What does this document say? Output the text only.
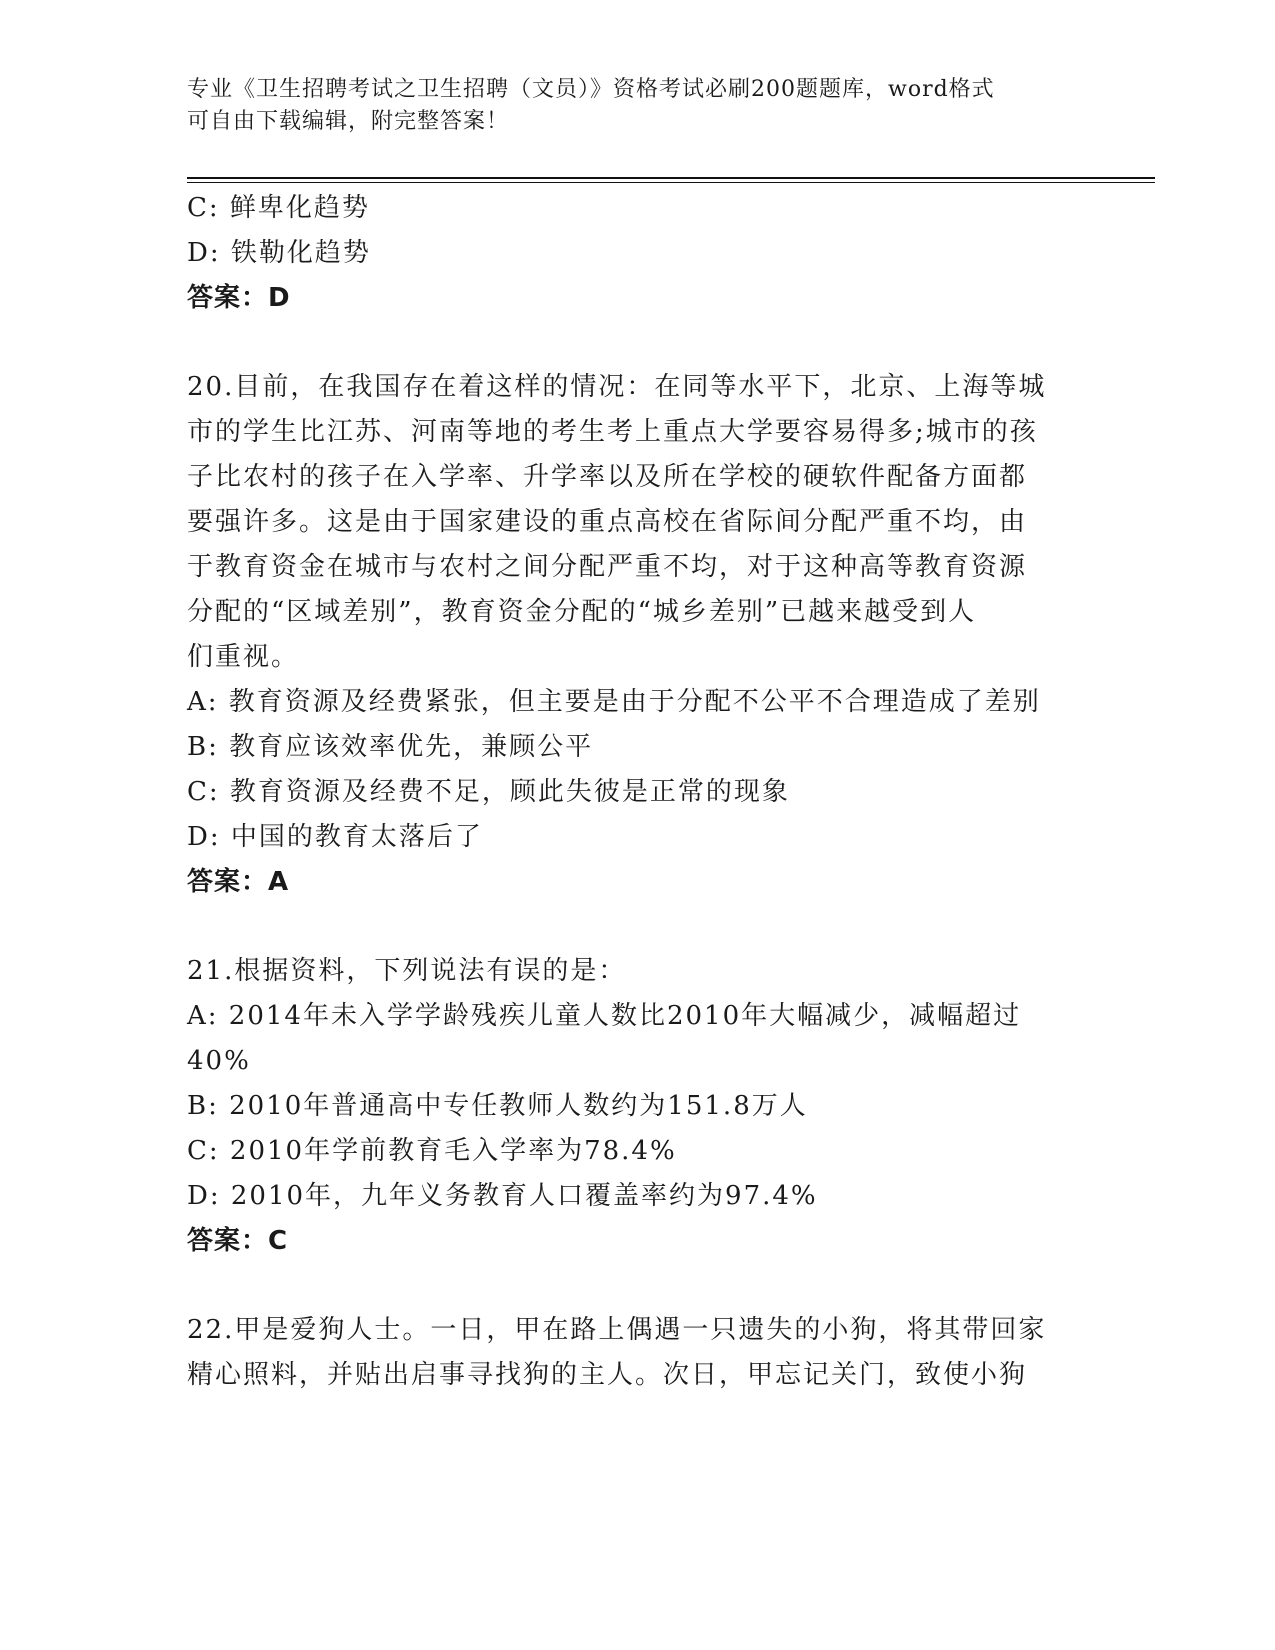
专业《卫生招聘考试之卫生招聘（文员）》资格考试必刷200题题库，word格式
可自由下载编辑，附完整答案！
C: 鲜卑化趋势
D: 铁勒化趋势
答案：D
20.目前，在我国存在着这样的情况：在同等水平下，北京、上海等城
市的学生比江苏、河南等地的考生考上重点大学要容易得多;城市的孩
子比农村的孩子在入学率、升学率以及所在学校的硬软件配备方面都
要强许多。这是由于国家建设的重点高校在省际间分配严重不均，由
于教育资金在城市与农村之间分配严重不均，对于这种高等教育资源
分配的“区域差别”，教育资金分配的“城乡差别”已越来越受到人
们重视。
A: 教育资源及经费紧张，但主要是由于分配不公平不合理造成了差别
B: 教育应该效率优先，兼顾公平
C: 教育资源及经费不足，顾此失彼是正常的现象
D: 中国的教育太落后了
答案：A
21.根据资料，下列说法有误的是：
A: 2014年未入学学龄残疾儿童人数比2010年大幅减少，减幅超过
40%
B: 2010年普通高中专任教师人数约为151.8万人
C: 2010年学前教育毛入学率为78.4%
D: 2010年，九年义务教育人口覆盖率约为97.4%
答案：C
22.甲是爱狗人士。一日，甲在路上偶遇一只遗失的小狗，将其带回家
精心照料，并贴出启事寻找狗的主人。次日，甲忘记关门，致使小狗
